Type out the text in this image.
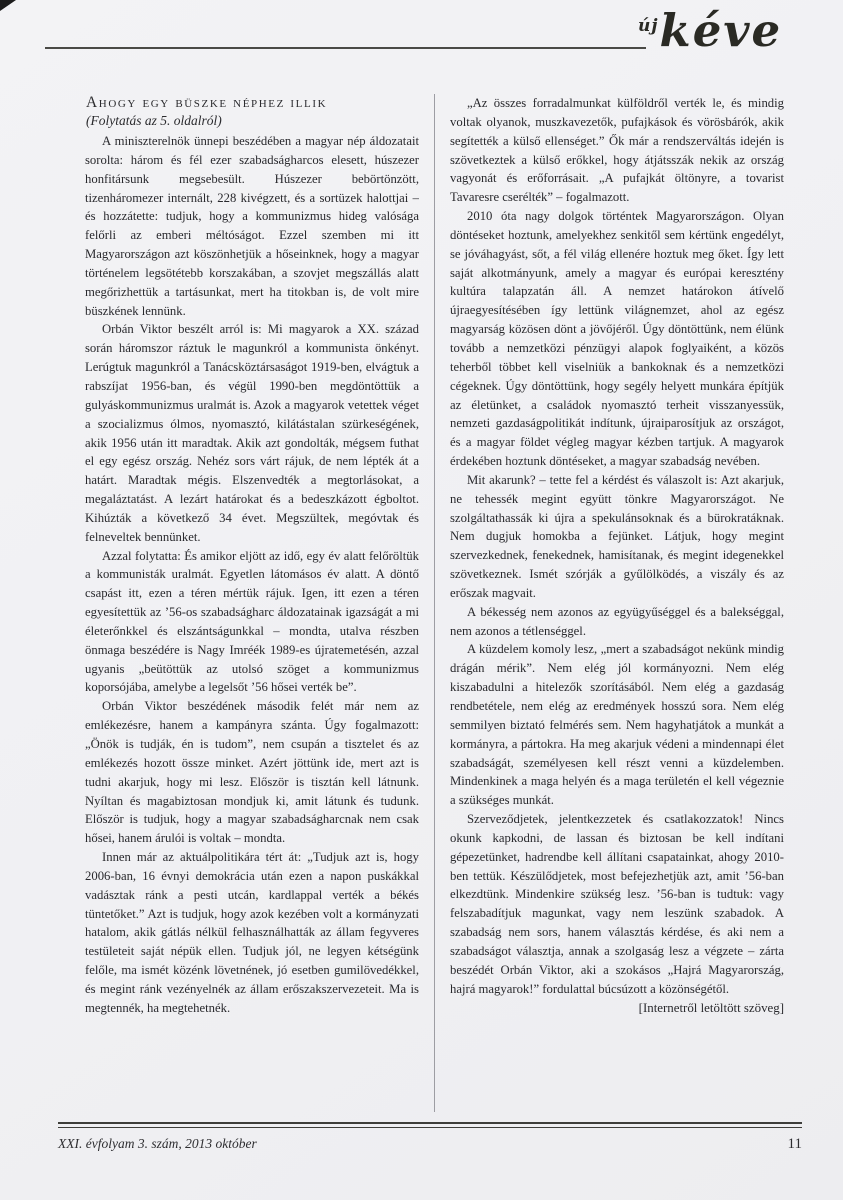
új kéve
Ahogy egy büszke néphez illik

(Folytatás az 5. oldalról)

A miniszterelnök ünnepi beszédében a magyar nép áldozatait sorolta: három és fél ezer szabadságharcos elesett, húszezer honfitársunk megsebesült. Húszezer bebörtönzött, tizenháromezer internált, 228 kivégzett, és a sortüzek halottjai – és hozzátette: tudjuk, hogy a kommunizmus hideg valósága felőrli az emberi méltóságot. Ezzel szemben mi itt Magyarországon azt köszönhetjük a hőseinknek, hogy a magyar történelem legsötétebb korszakában, a szovjet megszállás alatt megőrizhettük a tartásunkat, mert ha titokban is, de volt mire büszkének lennünk.

Orbán Viktor beszélt arról is: Mi magyarok a XX. század során háromszor ráztuk le magunkról a kommunista önkényt. Lerúgtuk magunkról a Tanácsköztársaságot 1919-ben, elvágtuk a rabszíjat 1956-ban, és végül 1990-ben megdöntöttük a gulyáskommunizmus uralmát is. Azok a magyarok vetettek véget a szocializmus ólmos, nyomasztó, kilátástalan szürkeségének, akik 1956 után itt maradtak. Akik azt gondolták, mégsem futhat el egy egész ország. Nehéz sors várt rájuk, de nem lépték át a határt. Maradtak mégis. Elszenvedték a megtorlásokat, a megaláztatást. A lezárt határokat és a bedeszkázott égboltot. Kihúzták a következő 34 évet. Megszültek, megóvtak és felneveltek bennünket.

Azzal folytatta: És amikor eljött az idő, egy év alatt felőröltük a kommunisták uralmát. Egyetlen látomásos év alatt. A döntő csapást itt, ezen a téren mértük rájuk. Igen, itt ezen a téren egyesítettük az ’56-os szabadságharc áldozatainak igazságát a mi életerőnkkel és elszántságunkkal – mondta, utalva részben önmaga beszédére is Nagy Imréék 1989-es újratemetésén, azzal ugyanis „beütöttük az utolsó szöget a kommunizmus koporsójába, amelybe a legelsőt ’56 hősei verték be”.

Orbán Viktor beszédének második felét már nem az emlékezésre, hanem a kampányra szánta. Úgy fogalmazott: „Önök is tudják, én is tudom”, nem csupán a tisztelet és az emlékezés hozott össze minket. Azért jöttünk ide, mert azt is tudni akarjuk, hogy mi lesz. Először is tisztán kell látnunk. Nyíltan és magabiztosan mondjuk ki, amit látunk és tudunk. Először is tudjuk, hogy a magyar szabadságharcnak nem csak hősei, hanem árulói is voltak – mondta.

Innen már az aktuálpolitikára tért át: „Tudjuk azt is, hogy 2006-ban, 16 évnyi demokrácia után ezen a napon puskákkal vadásztak ránk a pesti utcán, kardlappal verték a békés tüntetőket.” Azt is tudjuk, hogy azok kezében volt a kormányzati hatalom, akik gátlás nélkül felhasználhatták az állam fegyveres testületeit saját népük ellen. Tudjuk jól, ne legyen kétségünk felőle, ma ismét közénk lövetnének, jó esetben gumilövedékkel, és megint ránk vezényelnék az állam erőszakszervezeteit. Ma is megtennék, ha megtehetnék.

„Az összes forradalmunkat külföldről verték le, és mindig voltak olyanok, muszkavezetők, pufajkások és vörösbárók, akik segítették a külső ellenséget.” Ők már a rendszerváltás idején is szövetkeztek a külső erőkkel, hogy átjátsszák nekik az ország vagyonát és erőforrásait. „A pufajkát öltönyre, a tovarist Tavaresre cserélték” – fogalmazott.

2010 óta nagy dolgok történtek Magyarországon. Olyan döntéseket hoztunk, amelyekhez senkitől sem kértünk engedélyt, se jóváhagyást, sőt, a fél világ ellenére hoztuk meg őket. Így lett saját alkotmányunk, amely a magyar és európai keresztény kultúra talapzatán áll. A nemzet határokon átívelő újraegyesítésében így lettünk világnemzet, ahol az egész magyarság közösen dönt a jövőjéről. Úgy döntöttünk, nem élünk tovább a nemzetközi pénzügyi alapok foglyaiként, a közös teherből többet kell viselniük a bankoknak és a nemzetközi cégeknek. Úgy döntöttünk, hogy segély helyett munkára építjük az életünket, a családok nyomasztó terheit visszanyessük, nemzeti gazdaságpolitikát indítunk, újraiparosítjuk az országot, és a magyar földet végleg magyar kézben tartjuk. A magyarok érdekében hoztunk döntéseket, a magyar szabadság nevében.

Mit akarunk? – tette fel a kérdést és válaszolt is: Azt akarjuk, ne tehessék megint együtt tönkre Magyarországot. Ne szolgáltathassák ki újra a spekulánsoknak és a bürokratáknak. Nem dugjuk homokba a fejünket. Látjuk, hogy megint szervezkednek, fenekednek, hamisítanak, és megint idegenekkel szövetkeznek. Ismét szórják a gyűlölködés, a viszály és az erőszak magvait.

A békesség nem azonos az együgyűséggel és a balekséggal, nem azonos a tétlenséggel.

A küzdelem komoly lesz, „mert a szabadságot nekünk mindig drágán mérik”. Nem elég jól kormányozni. Nem elég kiszabadulni a hitelezők szorításából. Nem elég a gazdaság rendbetétele, nem elég az eredmények hosszú sora. Nem elég semmilyen biztató felmérés sem. Nem hagyhatjátok a munkát a kormányra, a pártokra. Ha meg akarjuk védeni a mindennapi élet szabadságát, személyesen kell részt venni a küzdelemben. Mindenkinek a maga helyén és a maga területén el kell végeznie a szükséges munkát.

Szerveződjetek, jelentkezzetek és csatlakozzatok! Nincs okunk kapkodni, de lassan és biztosan be kell indítani gépezetünket, hadrendbe kell állítani csapatainkat, ahogy 2010-ben tettük. Készülődjetek, most befejezhetjük azt, amit ’56-ban elkezdtünk. Mindenkire szükség lesz. ’56-ban is tudtuk: vagy felszabadítjuk magunkat, vagy nem leszünk szabadok. A szabadság nem sors, hanem választás kérdése, és aki nem a szabadságot választja, annak a szolgaság lesz a végzete – zárta beszédét Orbán Viktor, aki a szokásos „Hajrá Magyarország, hajrá magyarok!” fordulattal búcsúzott a közönségétől.

[Internetről letöltött szöveg]

XXI. évfolyam 3. szám, 2013 október	11
